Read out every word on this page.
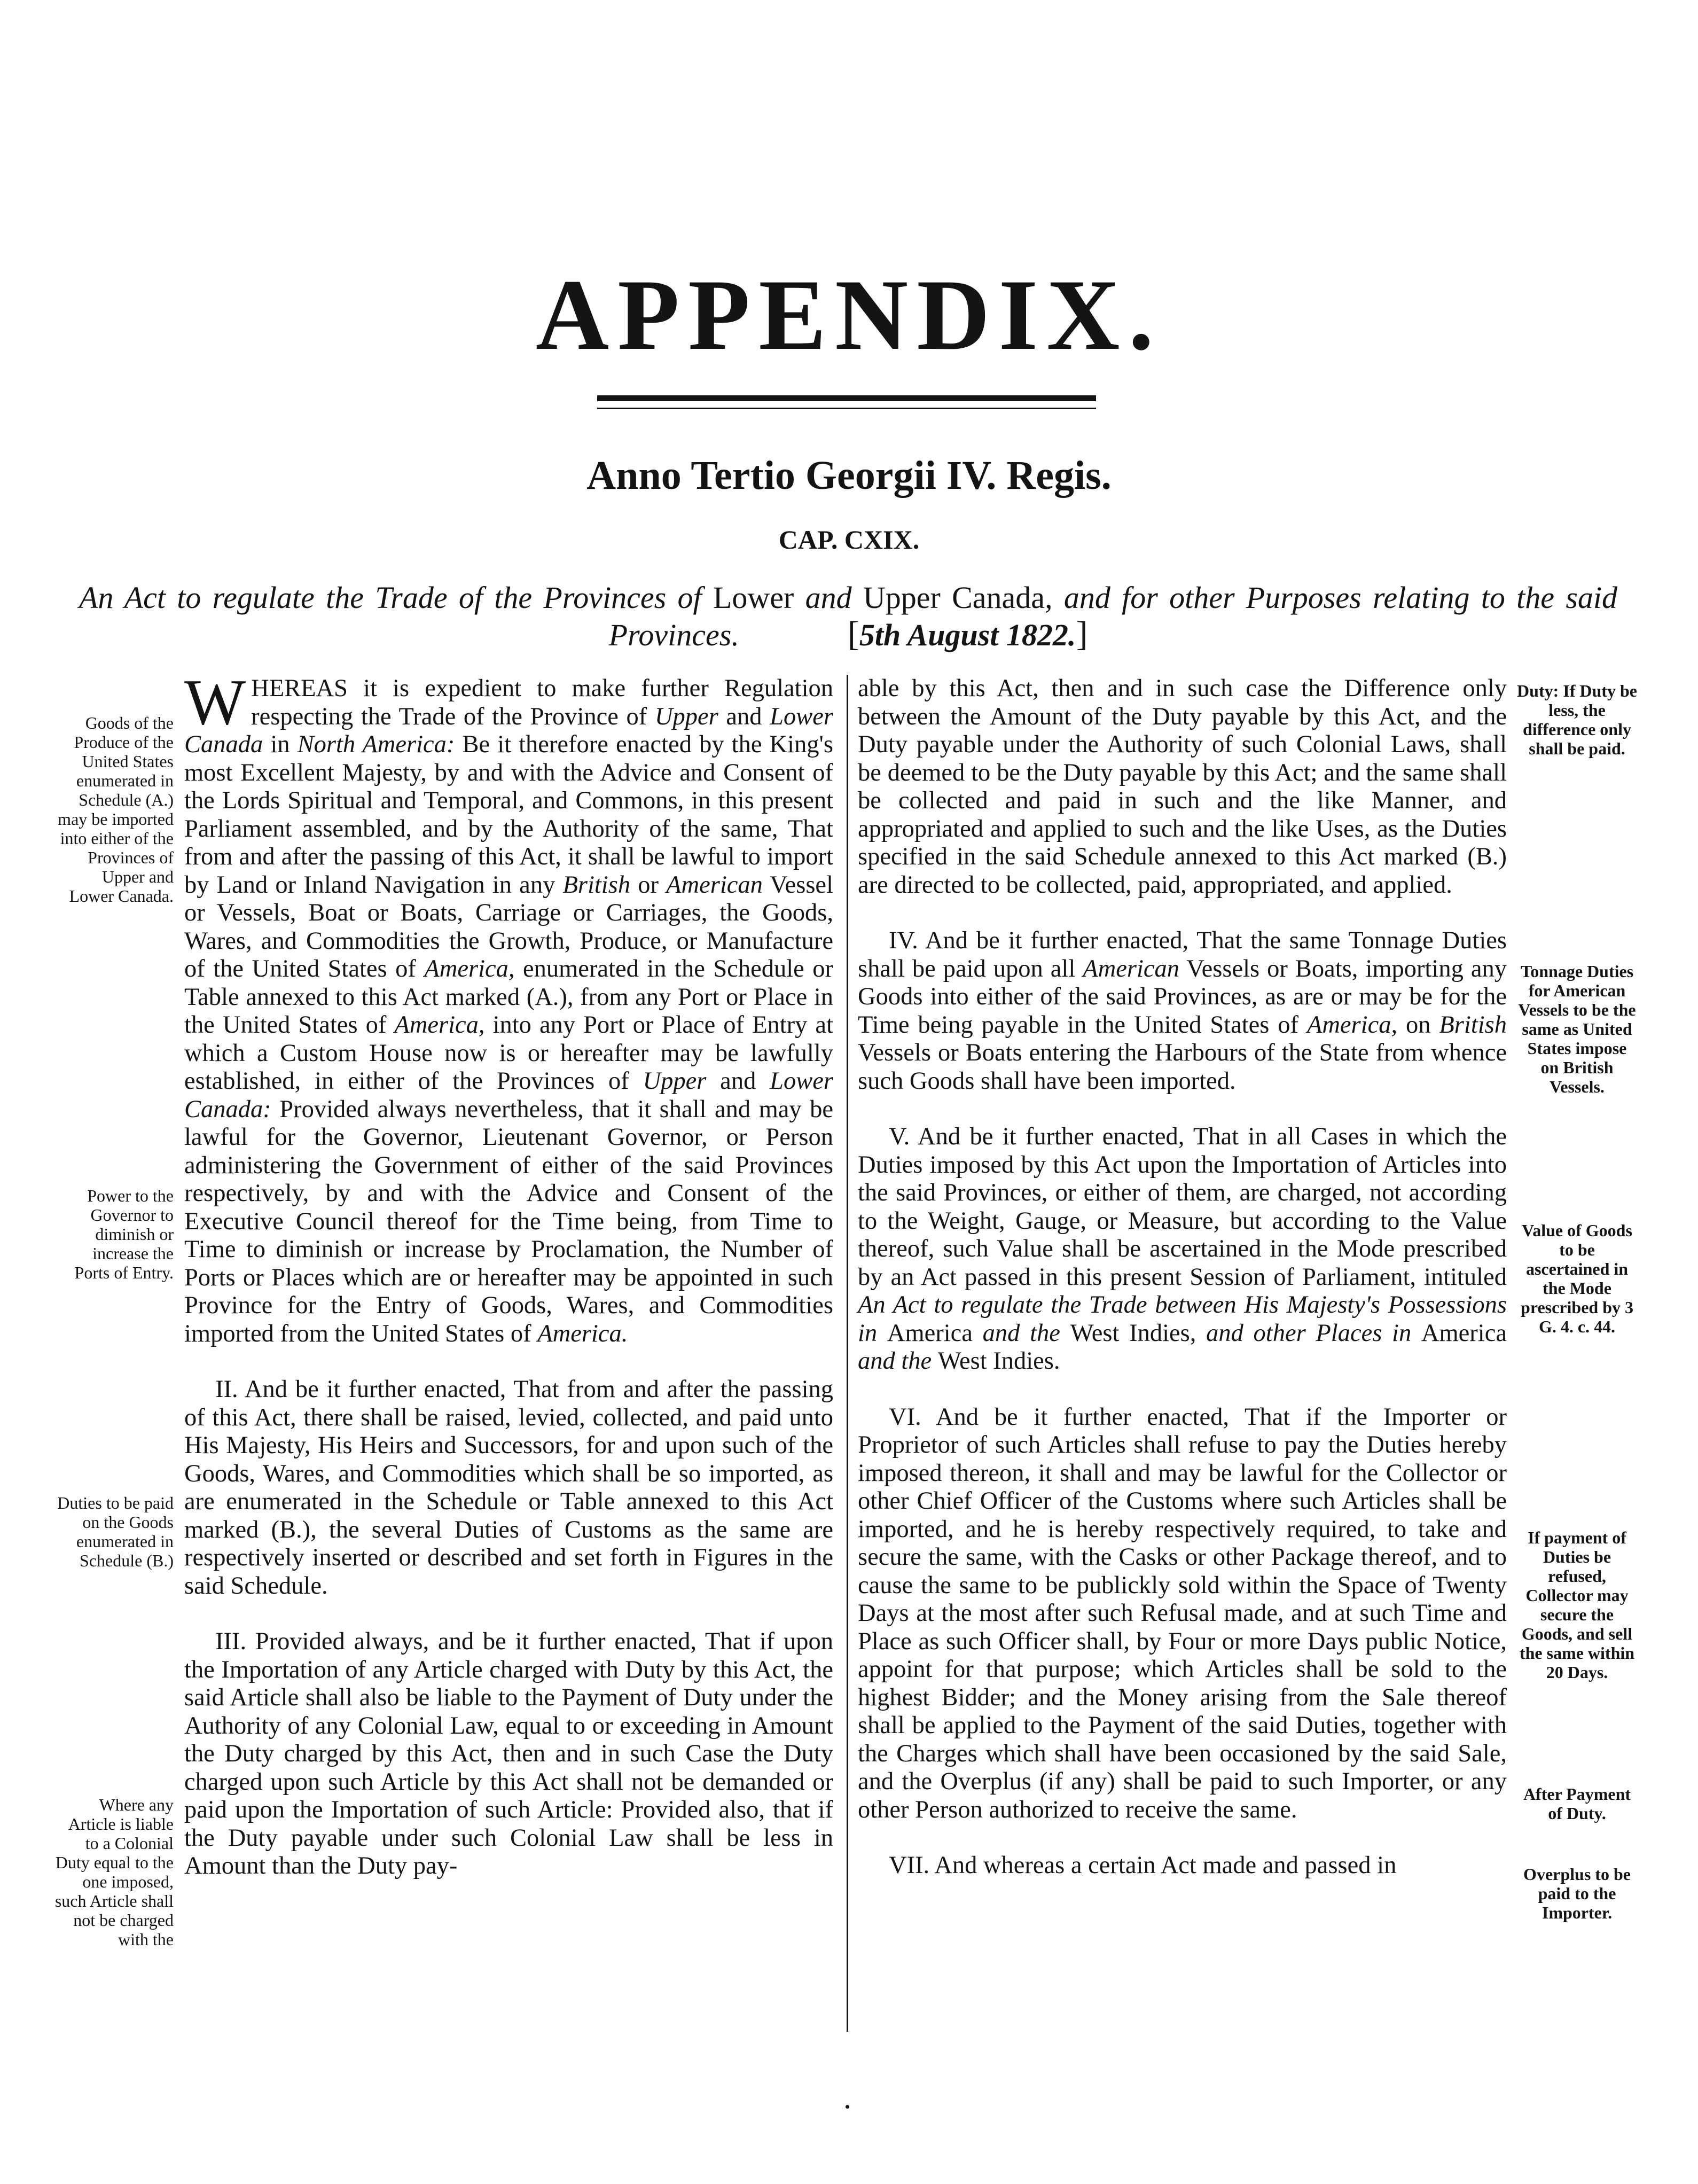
APPENDIX.
Anno Tertio Georgii IV. Regis.
CAP. CXIX.
An Act to regulate the Trade of the Provinces of Lower and Upper Canada, and for other Purposes relating to the said Provinces.	[5th August 1822.]

WHEREAS it is expedient to make further Regulation respecting the Trade of the Province of Upper and Lower Canada in North America: Be it therefore enacted by the King's most Excellent Majesty, by and with the Advice and Consent of the Lords Spiritual and Temporal, and Commons, in this present Parliament assembled, and by the Authority of the same, That from and after the passing of this Act, it shall be lawful to import by Land or Inland Navigation in any British or American Vessel or Vessels, Boat or Boats, Carriage or Carriages, the Goods, Wares, and Commodities the Growth, Produce, or Manufacture of the United States of America, enumerated in the Schedule or Table annexed to this Act marked (A.), from any Port or Place in the United States of America, into any Port or Place of Entry at which a Custom House now is or hereafter may be lawfully established, in either of the Provinces of Upper and Lower Canada: Provided always nevertheless, that it shall and may be lawful for the Governor, Lieutenant Governor, or Person administering the Government of either of the said Provinces respectively, by and with the Advice and Consent of the Executive Council thereof for the Time being, from Time to Time to diminish or increase by Proclamation, the Number of Ports or Places which are or hereafter may be appointed in such Province for the Entry of Goods, Wares, and Commodities imported from the United States of America.

II. And be it further enacted, That from and after the passing of this Act, there shall be raised, levied, collected, and paid unto His Majesty, His Heirs and Successors, for and upon such of the Goods, Wares, and Commodities which shall be so imported, as are enumerated in the Schedule or Table annexed to this Act marked (B.), the several Duties of Customs as the same are respectively inserted or described and set forth in Figures in the said Schedule.

III. Provided always, and be it further enacted, That if upon the Importation of any Article charged with Duty by this Act, the said Article shall also be liable to the Payment of Duty under the Authority of any Colonial Law, equal to or exceeding in Amount the Duty charged by this Act, then and in such Case the Duty charged upon such Article by this Act shall not be demanded or paid upon the Importation of such Article: Provided also, that if the Duty payable under such Colonial Law shall be less in Amount than the Duty pay-

able by this Act, then and in such case the Difference only between the Amount of the Duty payable by this Act, and the Duty payable under the Authority of such Colonial Laws, shall be deemed to be the Duty payable by this Act; and the same shall be collected and paid in such and the like Manner, and appropriated and applied to such and the like Uses, as the Duties specified in the said Schedule annexed to this Act marked (B.) are directed to be collected, paid, appropriated, and applied.

IV. And be it further enacted, That the same Tonnage Duties shall be paid upon all American Vessels or Boats, importing any Goods into either of the said Provinces, as are or may be for the Time being payable in the United States of America, on British Vessels or Boats entering the Harbours of the State from whence such Goods shall have been imported.

V. And be it further enacted, That in all Cases in which the Duties imposed by this Act upon the Importation of Articles into the said Provinces, or either of them, are charged, not according to the Weight, Gauge, or Measure, but according to the Value thereof, such Value shall be ascertained in the Mode prescribed by an Act passed in this present Session of Parliament, intituled An Act to regulate the Trade between His Majesty's Possessions in America and the West Indies, and other Places in America and the West Indies.

VI. And be it further enacted, That if the Importer or Proprietor of such Articles shall refuse to pay the Duties hereby imposed thereon, it shall and may be lawful for the Collector or other Chief Officer of the Customs where such Articles shall be imported, and he is hereby respectively required, to take and secure the same, with the Casks or other Package thereof, and to cause the same to be publickly sold within the Space of Twenty Days at the most after such Refusal made, and at such Time and Place as such Officer shall, by Four or more Days public Notice, appoint for that purpose; which Articles shall be sold to the highest Bidder; and the Money arising from the Sale thereof shall be applied to the Payment of the said Duties, together with the Charges which shall have been occasioned by the said Sale, and the Overplus (if any) shall be paid to such Importer, or any other Person authorized to receive the same.

VII. And whereas a certain Act made and passed in

Goods of the Produce of the United States enumerated in Schedule (A.) may be imported into either of the Provinces of Upper and Lower Canada.
Power to the Governor to diminish or increase the Ports of Entry.
Duties to be paid on the Goods enumerated in Schedule (B.)
Where any Article is liable to a Colonial Duty equal to the one imposed, such Article shall not be charged with the
Duty: If Duty be less, the difference only shall be paid.
Tonnage Duties for American Vessels to be the same as United States impose on British Vessels.
Value of Goods to be ascertained in the Mode prescribed by 3 G. 4. c. 44.
If payment of Duties be refused, Collector may secure the Goods, and sell the same within 20 Days.
After Payment of Duty.
Overplus to be paid to the Importer.
